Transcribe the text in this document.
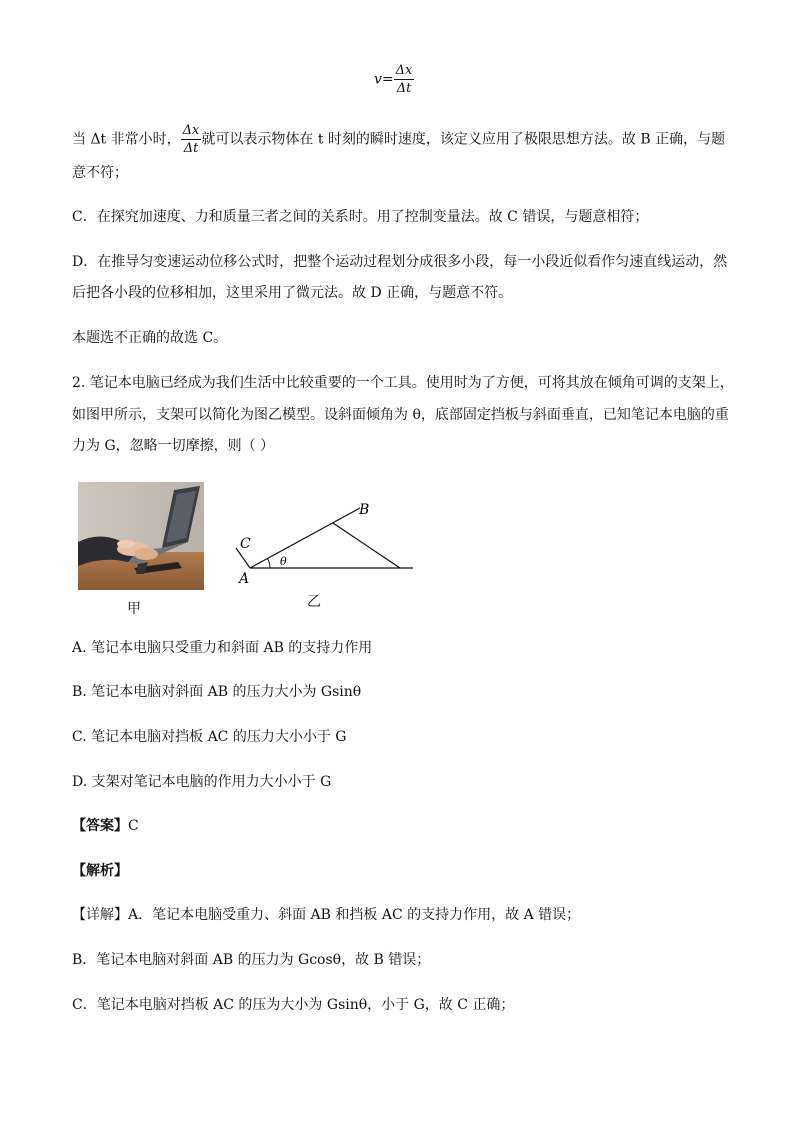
$v= \frac{\Delta x}{\Delta t}$
当 Δt 非常小时， $\frac{\Delta x}{\Delta t}$ 就可以表示物体在 t 时刻的瞬时速度，该定义应用了极限思想方法。故 B 正确，与题
意不符；
C．在探究加速度、力和质量三者之间的关系时。用了控制变量法。故 C 错误，与题意相符；
D．在推导匀变速运动位移公式时，把整个运动过程划分成很多小段，每一小段近似看作匀速直线运动，然
后把各小段的位移相加，这里采用了微元法。故 D 正确，与题意不符。
本题选不正确的故选 C。
2. 笔记本电脑已经成为我们生活中比较重要的一个工具。使用时为了方便，可将其放在倾角可调的支架上，
如图甲所示，支架可以简化为图乙模型。设斜面倾角为 θ，底部固定挡板与斜面垂直，已知笔记本电脑的重
力为 G，忽略一切摩擦，则（ ）
甲
θ
A
B
C
乙
A. 笔记本电脑只受重力和斜面 AB 的支持力作用
B. 笔记本电脑对斜面 AB 的压力大小为 Gsinθ
C. 笔记本电脑对挡板 AC 的压力大小小于 G
D. 支架对笔记本电脑的作用力大小小于 G
【答案】C
【解析】
【详解】A．笔记本电脑受重力、斜面 AB 和挡板 AC 的支持力作用，故 A 错误；
B．笔记本电脑对斜面 AB 的压力为 Gcosθ，故 B 错误；
C．笔记本电脑对挡板 AC 的压为大小为 Gsinθ，小于 G，故 C 正确；
